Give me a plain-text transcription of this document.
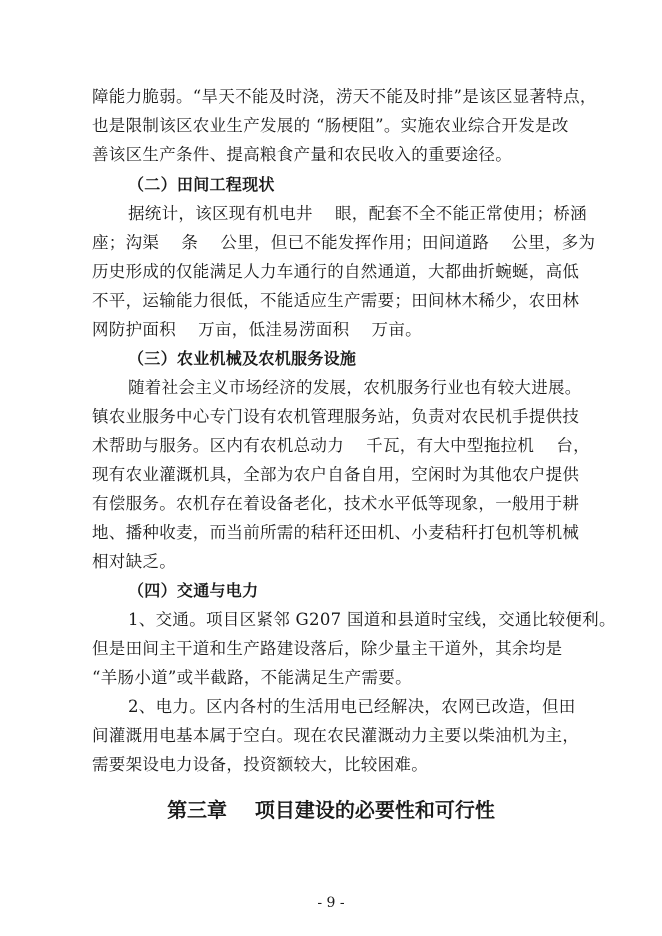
障能力脆弱。“旱天不能及时浇，涝天不能及时排”是该区显著特点，
也是限制该区农业生产发展的 “肠梗阻”。实施农业综合开发是改
善该区生产条件、提高粮食产量和农民收入的重要途径。
（二）田间工程现状
据统计，该区现有机电井    眼，配套不全不能正常使用；桥涵
座；沟渠    条    公里，但已不能发挥作用；田间道路    公里，多为
历史形成的仅能满足人力车通行的自然通道，大都曲折蜿蜒，高低
不平，运输能力很低，不能适应生产需要；田间林木稀少，农田林
网防护面积    万亩，低洼易涝面积    万亩。
（三）农业机械及农机服务设施
随着社会主义市场经济的发展，农机服务行业也有较大进展。
镇农业服务中心专门设有农机管理服务站，负责对农民机手提供技
术帮助与服务。区内有农机总动力    千瓦，有大中型拖拉机    台，
现有农业灌溉机具，全部为农户自备自用，空闲时为其他农户提供
有偿服务。农机存在着设备老化，技术水平低等现象，一般用于耕
地、播种收麦，而当前所需的秸秆还田机、小麦秸秆打包机等机械
相对缺乏。
（四）交通与电力
1、交通。项目区紧邻 G207 国道和县道时宝线，交通比较便利。
但是田间主干道和生产路建设落后，除少量主干道外，其余均是
“羊肠小道”或半截路，不能满足生产需要。
2、电力。区内各村的生活用电已经解决，农网已改造，但田
间灌溉用电基本属于空白。现在农民灌溉动力主要以柴油机为主，
需要架设电力设备，投资额较大，比较困难。
第三章    项目建设的必要性和可行性
- 9 -
